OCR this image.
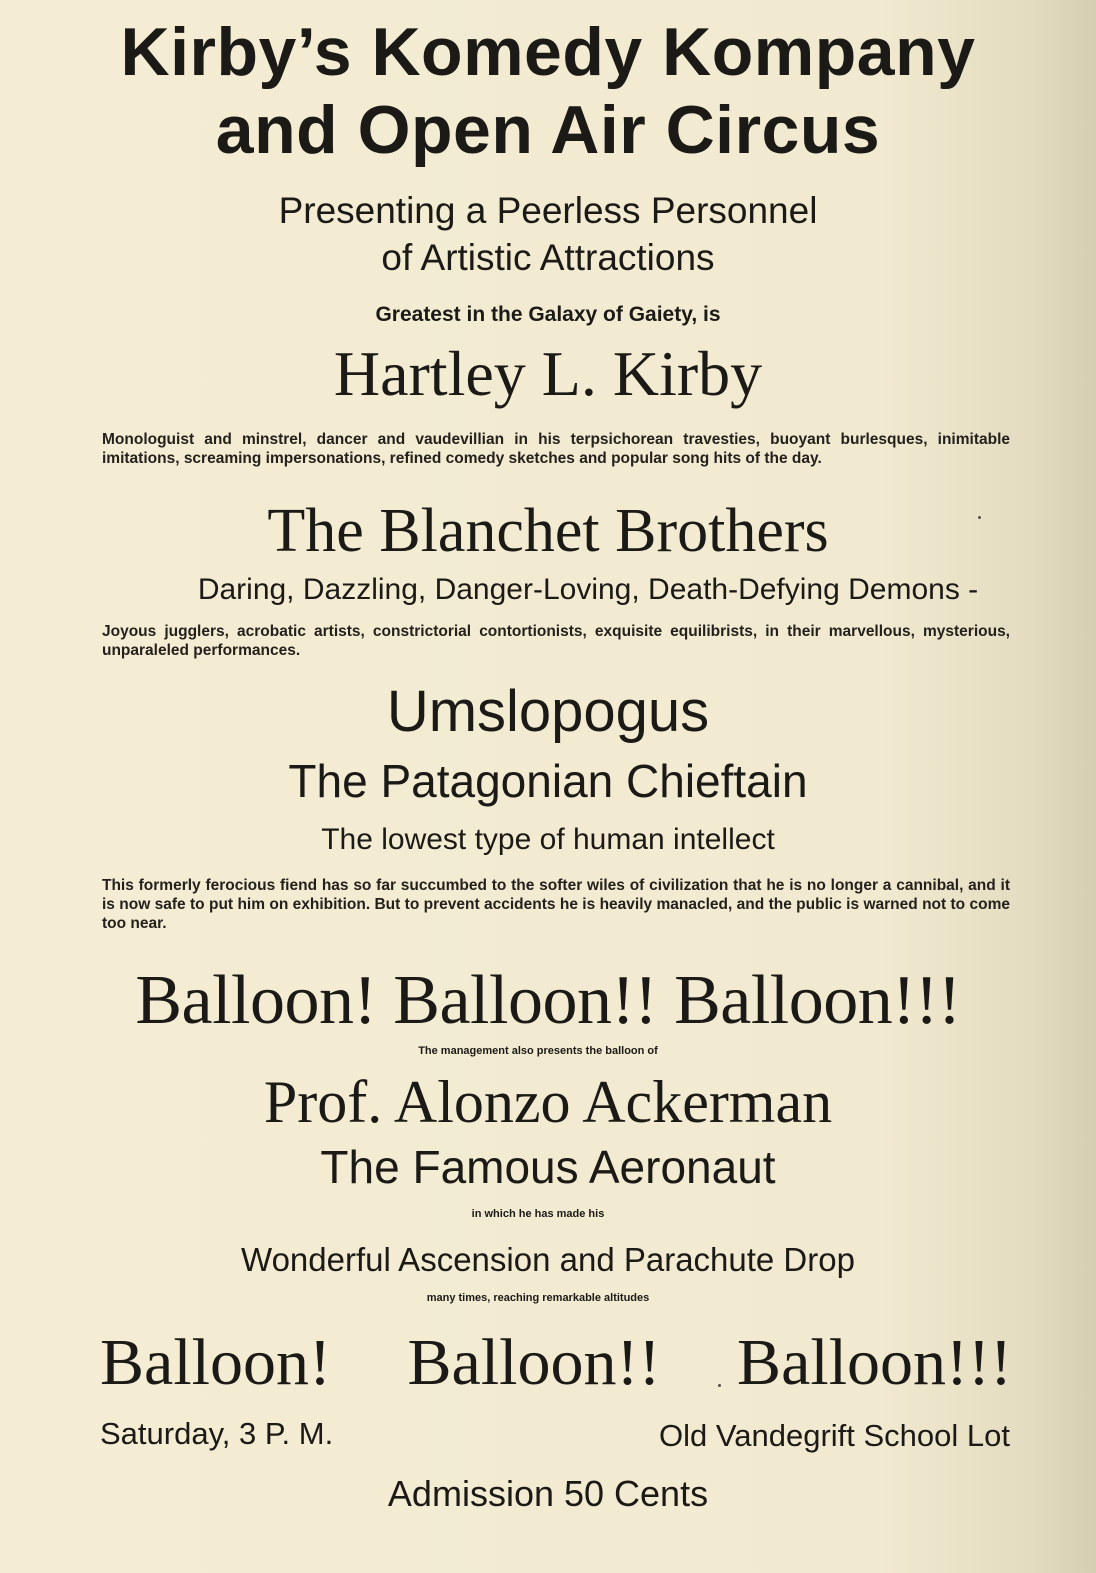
Kirby’s Komedy Kompany
and Open Air Circus
Presenting a Peerless Personnel
of Artistic Attractions
Greatest in the Galaxy of Gaiety, is
Hartley L. Kirby

Monologuist and minstrel, dancer and vaudevillian in his terpsichorean travesties, buoyant burlesques, inimitable imitations, screaming impersonations, refined comedy sketches and popular song hits of the day.

The Blanchet Brothers
Daring, Dazzling, Danger-Loving, Death-Defying Demons -

Joyous jugglers, acrobatic artists, constrictorial contortionists, exquisite equilibrists, in their marvellous, mysterious, unparaleled performances.

Umslopogus
The Patagonian Chieftain
The lowest type of human intellect

This formerly ferocious fiend has so far succumbed to the softer wiles of civilization that he is no longer a cannibal, and it is now safe to put him on exhibition. But to prevent accidents he is heavily manacled, and the public is warned not to come too near.

Balloon! Balloon!! Balloon!!!
The management also presents the balloon of
Prof. Alonzo Ackerman
The Famous Aeronaut
in which he has made his
Wonderful Ascension and Parachute Drop
many times, reaching remarkable altitudes
Balloon! Balloon!! Balloon!!!
Saturday, 3 P. M.	Old Vandegrift School Lot
Admission 50 Cents
